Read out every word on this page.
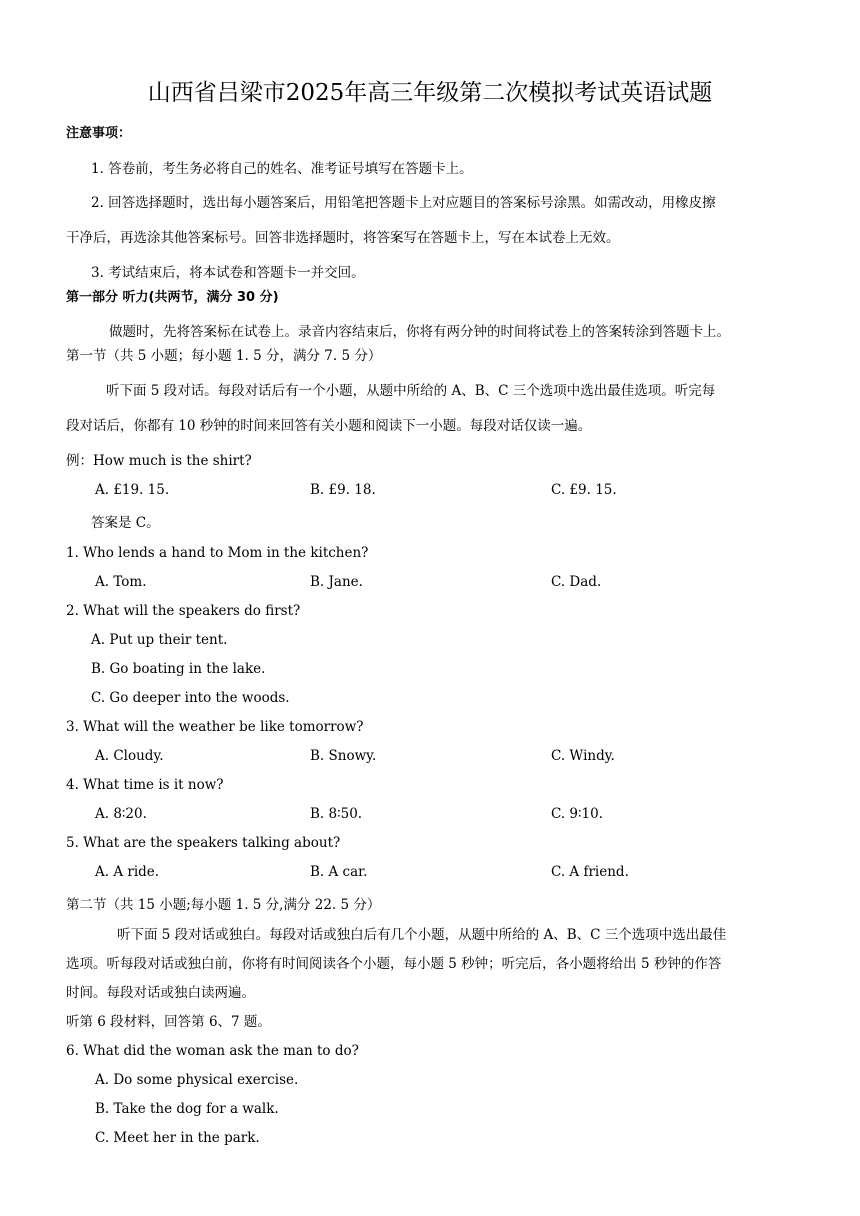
山西省吕梁市2025年高三年级第二次模拟考试英语试题
注意事项：
1. 答卷前，考生务必将自己的姓名、准考证号填写在答题卡上。
2. 回答选择题时，选出每小题答案后，用铅笔把答题卡上对应题目的答案标号涂黑。如需改动，用橡皮擦
干净后，再选涂其他答案标号。回答非选择题时，将答案写在答题卡上，写在本试卷上无效。
3. 考试结束后，将本试卷和答题卡一并交回。
第一部分 听力(共两节，满分 30 分)
做题时，先将答案标在试卷上。录音内容结束后，你将有两分钟的时间将试卷上的答案转涂到答题卡上。
第一节（共 5 小题；每小题 1. 5 分，满分 7. 5 分）
听下面 5 段对话。每段对话后有一个小题，从题中所给的 A、B、C 三个选项中选出最佳选项。听完每
段对话后，你都有 10 秒钟的时间来回答有关小题和阅读下一小题。每段对话仅读一遍。
例：How much is the shirt?
A. £19. 15.	B. £9. 18.	C. £9. 15.
答案是 C。
1. Who lends a hand to Mom in the kitchen?
A. Tom.	B. Jane.	C. Dad.
2. What will the speakers do first?
A. Put up their tent.
B. Go boating in the lake.
C. Go deeper into the woods.
3. What will the weather be like tomorrow?
A. Cloudy.	B. Snowy.	C. Windy.
4. What time is it now?
A. 8∶20.	B. 8∶50.	C. 9∶10.
5. What are the speakers talking about?
A. A ride.	B. A car.	C. A friend.
第二节（共 15 小题;每小题 1. 5 分,满分 22. 5 分）
听下面 5 段对话或独白。每段对话或独白后有几个小题，从题中所给的 A、B、C 三个选项中选出最佳
选项。听每段对话或独白前，你将有时间阅读各个小题，每小题 5 秒钟；听完后，各小题将给出 5 秒钟的作答
时间。每段对话或独白读两遍。
听第 6 段材料，回答第 6、7 题。
6. What did the woman ask the man to do?
A. Do some physical exercise.
B. Take the dog for a walk.
C. Meet her in the park.
